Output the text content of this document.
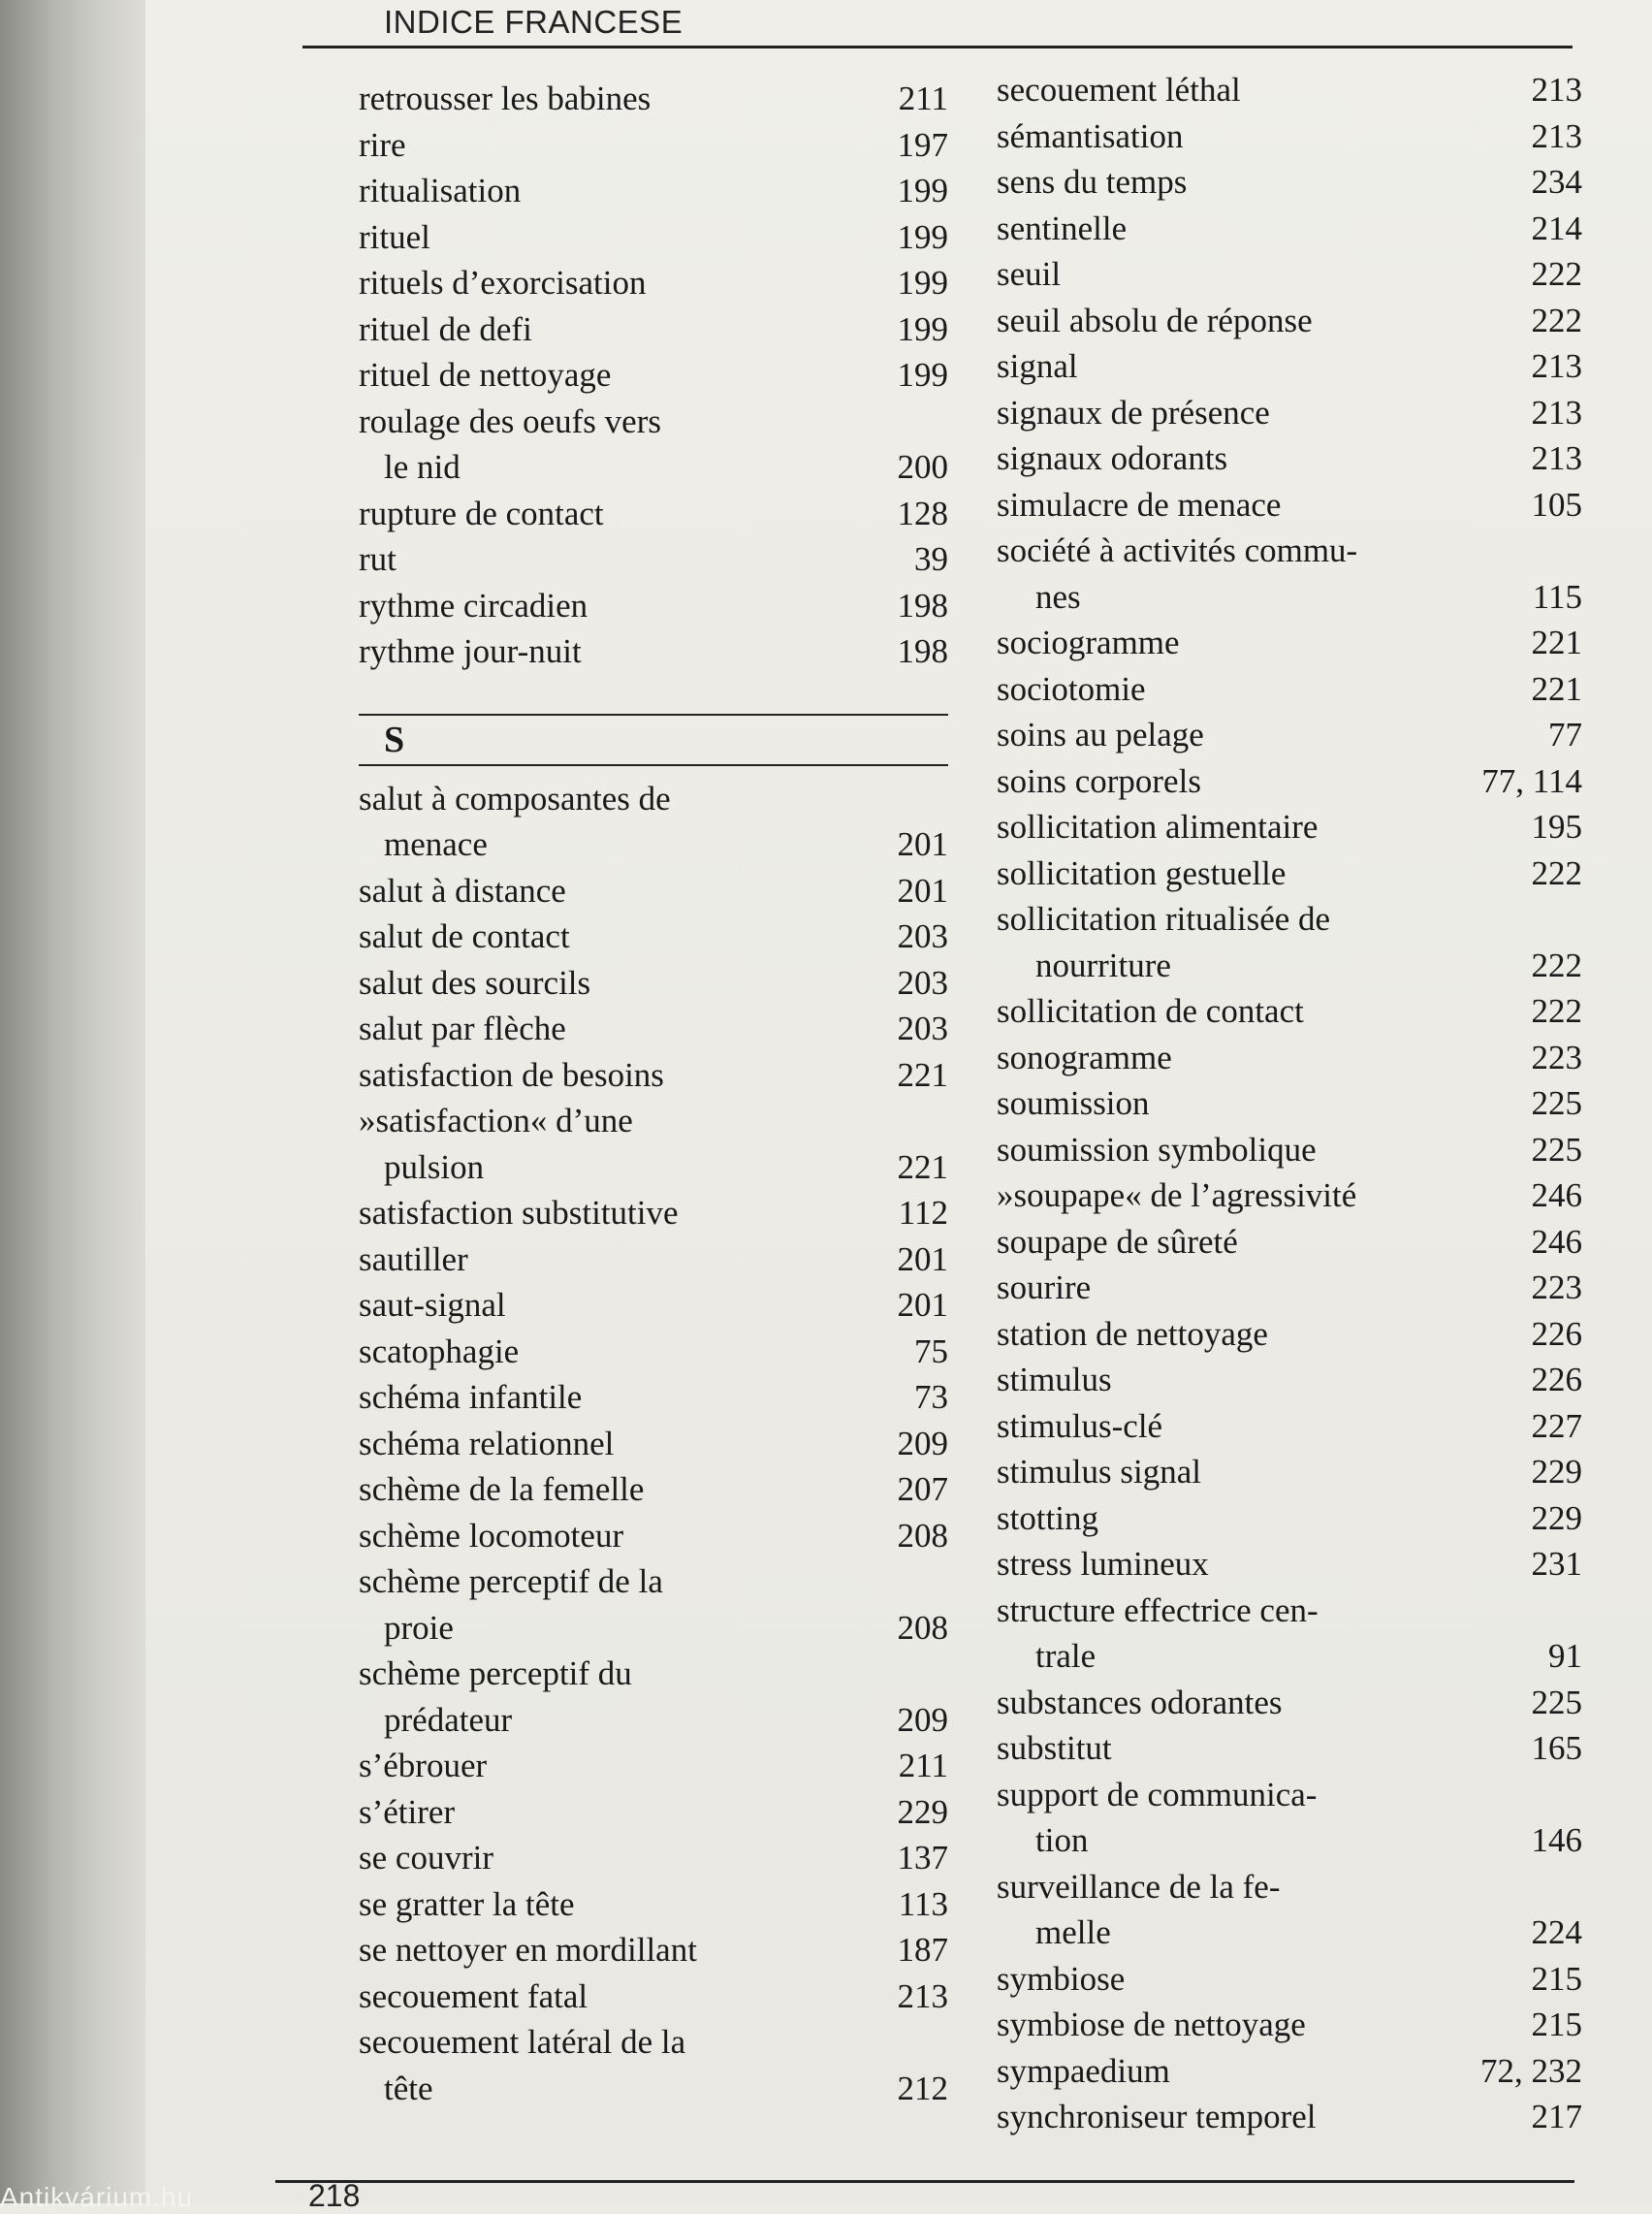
INDICE FRANCESE
retrousser les babines	211
rire	197
ritualisation	199
rituel	199
rituels d’exorcisation	199
rituel de defi	199
rituel de nettoyage	199
roulage des oeufs vers
le nid	200
rupture de contact	128
rut	39
rythme circadien	198
rythme jour-nuit	198
S
salut à composantes de
menace	201
salut à distance	201
salut de contact	203
salut des sourcils	203
salut par flèche	203
satisfaction de besoins	221
»satisfaction« d’une
pulsion	221
satisfaction substitutive	112
sautiller	201
saut-signal	201
scatophagie	75
schéma infantile	73
schéma relationnel	209
schème de la femelle	207
schème locomoteur	208
schème perceptif de la
proie	208
schème perceptif du
prédateur	209
s’ébrouer	211
s’étirer	229
se couvrir	137
se gratter la tête	113
se nettoyer en mordillant	187
secouement fatal	213
secouement latéral de la
tête	212
secouement léthal	213
sémantisation	213
sens du temps	234
sentinelle	214
seuil	222
seuil absolu de réponse	222
signal	213
signaux de présence	213
signaux odorants	213
simulacre de menace	105
société à activités commu-
nes	115
sociogramme	221
sociotomie	221
soins au pelage	77
soins corporels	77, 114
sollicitation alimentaire	195
sollicitation gestuelle	222
sollicitation ritualisée de
nourriture	222
sollicitation de contact	222
sonogramme	223
soumission	225
soumission symbolique	225
»soupape« de l’agressivité	246
soupape de sûreté	246
sourire	223
station de nettoyage	226
stimulus	226
stimulus-clé	227
stimulus signal	229
stotting	229
stress lumineux	231
structure effectrice cen-
trale	91
substances odorantes	225
substitut	165
support de communica-
tion	146
surveillance de la fe-
melle	224
symbiose	215
symbiose de nettoyage	215
sympaedium	72, 232
synchroniseur temporel	217
Antikvárium.hu	218
